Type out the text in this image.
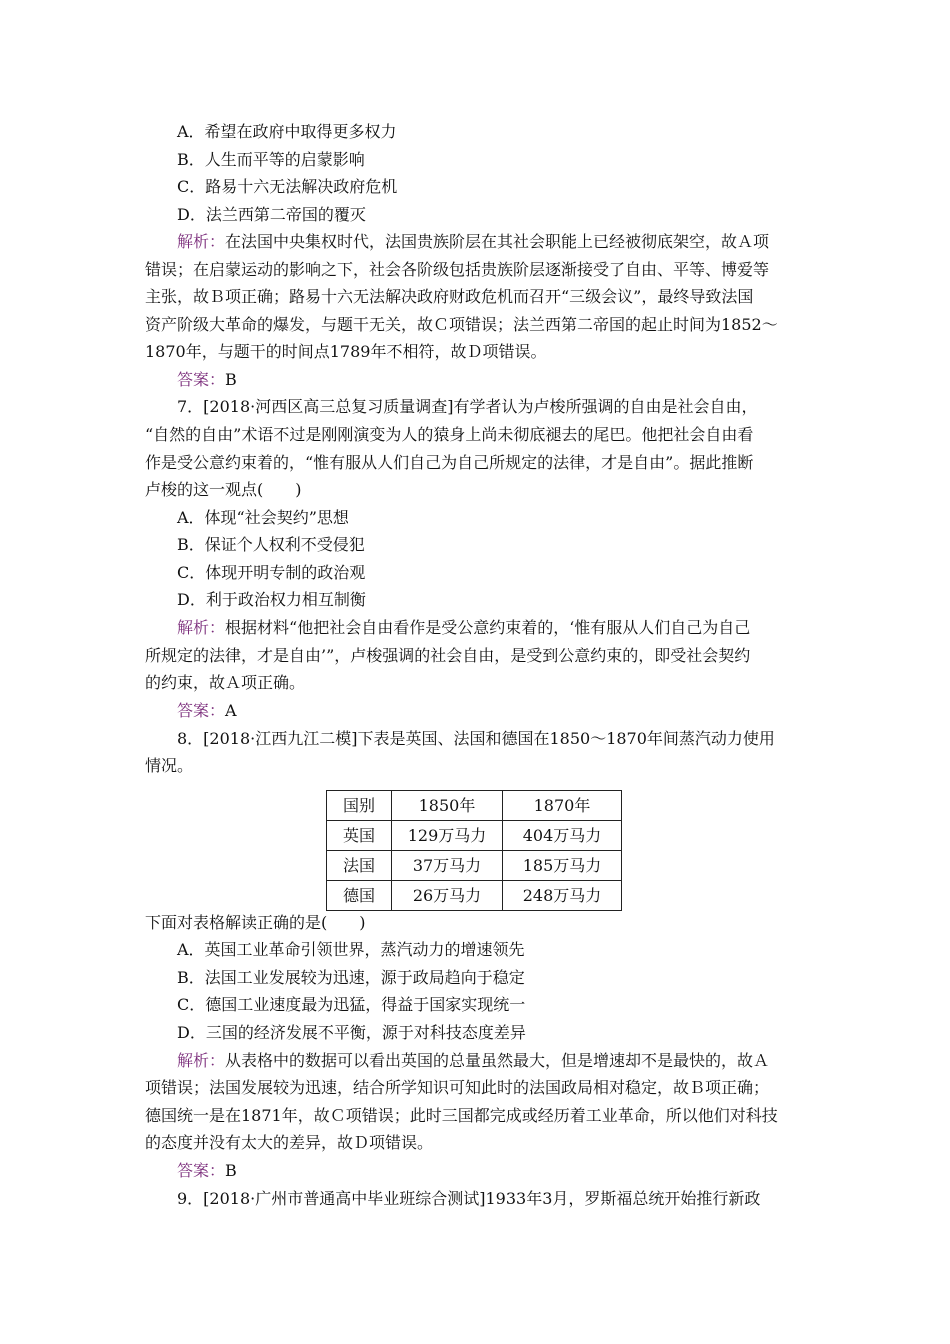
A．希望在政府中取得更多权力
B．人生而平等的启蒙影响
C．路易十六无法解决政府危机
D．法兰西第二帝国的覆灭
解析：在法国中央集权时代，法国贵族阶层在其社会职能上已经被彻底架空，故Ａ项
错误；在启蒙运动的影响之下，社会各阶级包括贵族阶层逐渐接受了自由、平等、博爱等
主张，故Ｂ项正确；路易十六无法解决政府财政危机而召开“三级会议”，最终导致法国
资产阶级大革命的爆发，与题干无关，故Ｃ项错误；法兰西第二帝国的起止时间为1852～
1870年，与题干的时间点1789年不相符，故Ｄ项错误。
答案：B
7．[2018·河西区高三总复习质量调查]有学者认为卢梭所强调的自由是社会自由，
“自然的自由”术语不过是刚刚演变为人的猿身上尚未彻底褪去的尾巴。他把社会自由看
作是受公意约束着的，“惟有服从人们自己为自己所规定的法律，才是自由”。据此推断
卢梭的这一观点(　　)
A．体现“社会契约”思想
B．保证个人权利不受侵犯
C．体现开明专制的政治观
D．利于政治权力相互制衡
解析：根据材料“他把社会自由看作是受公意约束着的，‘惟有服从人们自己为自己
所规定的法律，才是自由’”，卢梭强调的社会自由，是受到公意约束的，即受社会契约
的约束，故Ａ项正确。
答案：A
8．[2018·江西九江二模]下表是英国、法国和德国在1850～1870年间蒸汽动力使用
情况。
国别	1850年	1870年
英国	129万马力	404万马力
法国	37万马力	185万马力
德国	26万马力	248万马力
下面对表格解读正确的是(　　)
A．英国工业革命引领世界，蒸汽动力的增速领先
B．法国工业发展较为迅速，源于政局趋向于稳定
C．德国工业速度最为迅猛，得益于国家实现统一
D．三国的经济发展不平衡，源于对科技态度差异
解析：从表格中的数据可以看出英国的总量虽然最大，但是增速却不是最快的，故Ａ
项错误；法国发展较为迅速，结合所学知识可知此时的法国政局相对稳定，故Ｂ项正确；
德国统一是在1871年，故Ｃ项错误；此时三国都完成或经历着工业革命，所以他们对科技
的态度并没有太大的差异，故Ｄ项错误。
答案：B
9．[2018·广州市普通高中毕业班综合测试]1933年3月，罗斯福总统开始推行新政
